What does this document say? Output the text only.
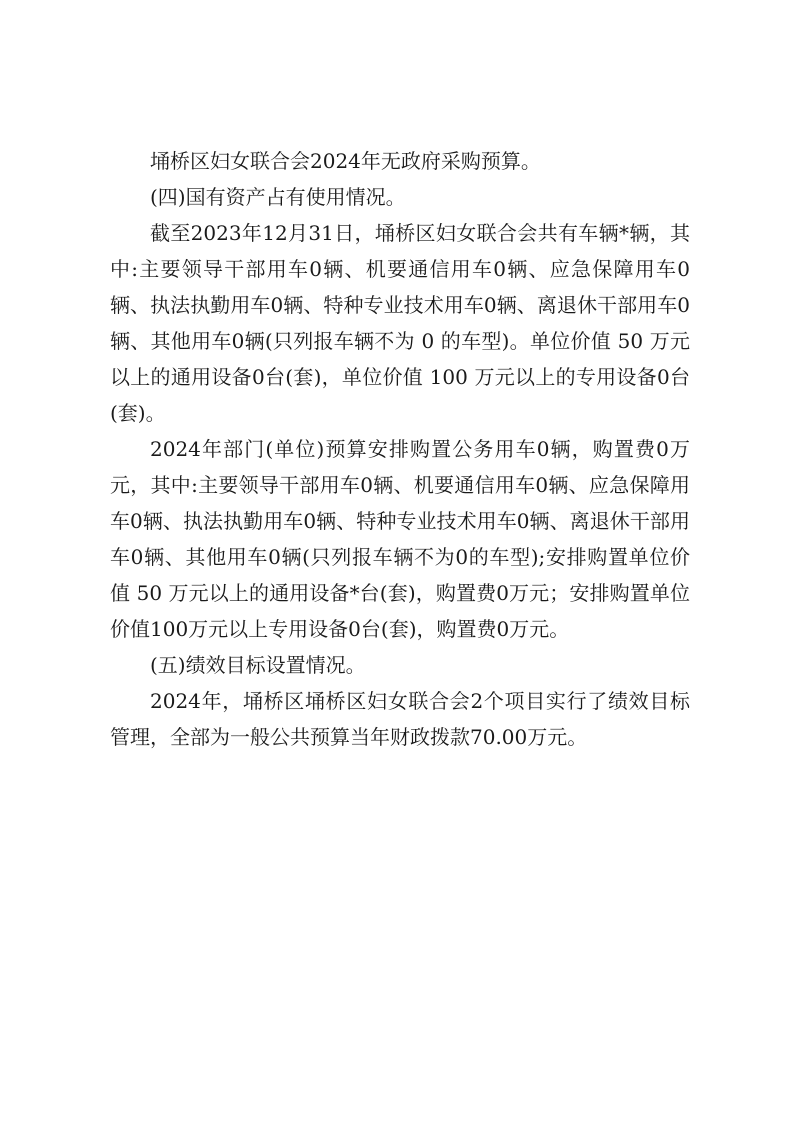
埇桥区妇女联合会2024年无政府采购预算。

(四)国有资产占有使用情况。

截至2023年12月31日，埇桥区妇女联合会共有车辆*辆，其中:主要领导干部用车0辆、机要通信用车0辆、应急保障用车0辆、执法执勤用车0辆、特种专业技术用车0辆、离退休干部用车0辆、其他用车0辆(只列报车辆不为 0 的车型)。单位价值 50 万元以上的通用设备0台(套)，单位价值 100 万元以上的专用设备0台(套)。

2024年部门(单位)预算安排购置公务用车0辆，购置费0万元，其中:主要领导干部用车0辆、机要通信用车0辆、应急保障用车0辆、执法执勤用车0辆、特种专业技术用车0辆、离退休干部用车0辆、其他用车0辆(只列报车辆不为0的车型);安排购置单位价值 50 万元以上的通用设备*台(套)，购置费0万元；安排购置单位价值100万元以上专用设备0台(套)，购置费0万元。

(五)绩效目标设置情况。

2024年，埇桥区埇桥区妇女联合会2个项目实行了绩效目标管理，全部为一般公共预算当年财政拨款70.00万元。
